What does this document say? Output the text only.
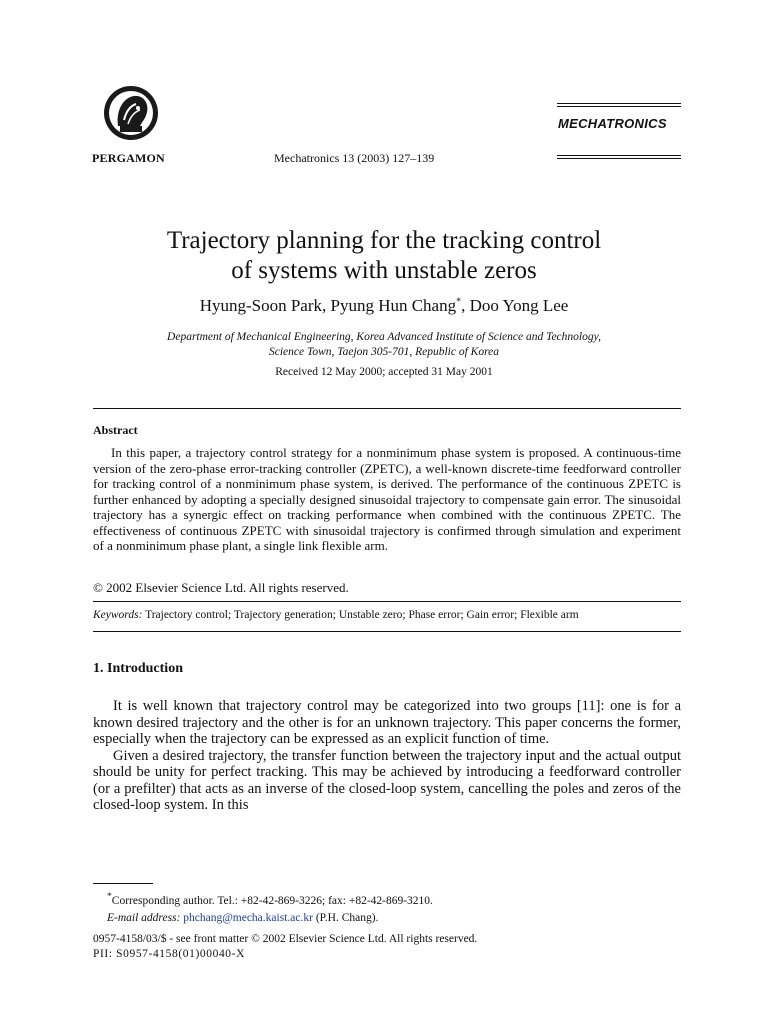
PERGAMON	Mechatronics 13 (2003) 127–139
MECHATRONICS
Trajectory planning for the tracking control
of systems with unstable zeros
Hyung-Soon Park, Pyung Hun Chang*, Doo Yong Lee
Department of Mechanical Engineering, Korea Advanced Institute of Science and Technology,
Science Town, Taejon 305-701, Republic of Korea
Received 12 May 2000; accepted 31 May 2001
Abstract

In this paper, a trajectory control strategy for a nonminimum phase system is proposed. A continuous-time version of the zero-phase error-tracking controller (ZPETC), a well-known discrete-time feedforward controller for tracking control of a nonminimum phase system, is derived. The performance of the continuous ZPETC is further enhanced by adopting a specially designed sinusoidal trajectory to compensate gain error. The sinusoidal trajectory has a synergic effect on tracking performance when combined with the continuous ZPETC. The effectiveness of continuous ZPETC with sinusoidal trajectory is confirmed through simulation and experiment of a nonminimum phase plant, a single link flexible arm.

© 2002 Elsevier Science Ltd. All rights reserved.
Keywords: Trajectory control; Trajectory generation; Unstable zero; Phase error; Gain error; Flexible arm
1. Introduction

It is well known that trajectory control may be categorized into two groups [11]: one is for a known desired trajectory and the other is for an unknown trajectory. This paper concerns the former, especially when the trajectory can be expressed as an explicit function of time.

Given a desired trajectory, the transfer function between the trajectory input and the actual output should be unity for perfect tracking. This may be achieved by introducing a feedforward controller (or a prefilter) that acts as an inverse of the closed-loop system, cancelling the poles and zeros of the closed-loop system. In this

*Corresponding author. Tel.: +82-42-869-3226; fax: +82-42-869-3210.
E-mail address: phchang@mecha.kaist.ac.kr (P.H. Chang).
0957-4158/03/$ - see front matter © 2002 Elsevier Science Ltd. All rights reserved.
PII: S0957-4158(01)00040-X
